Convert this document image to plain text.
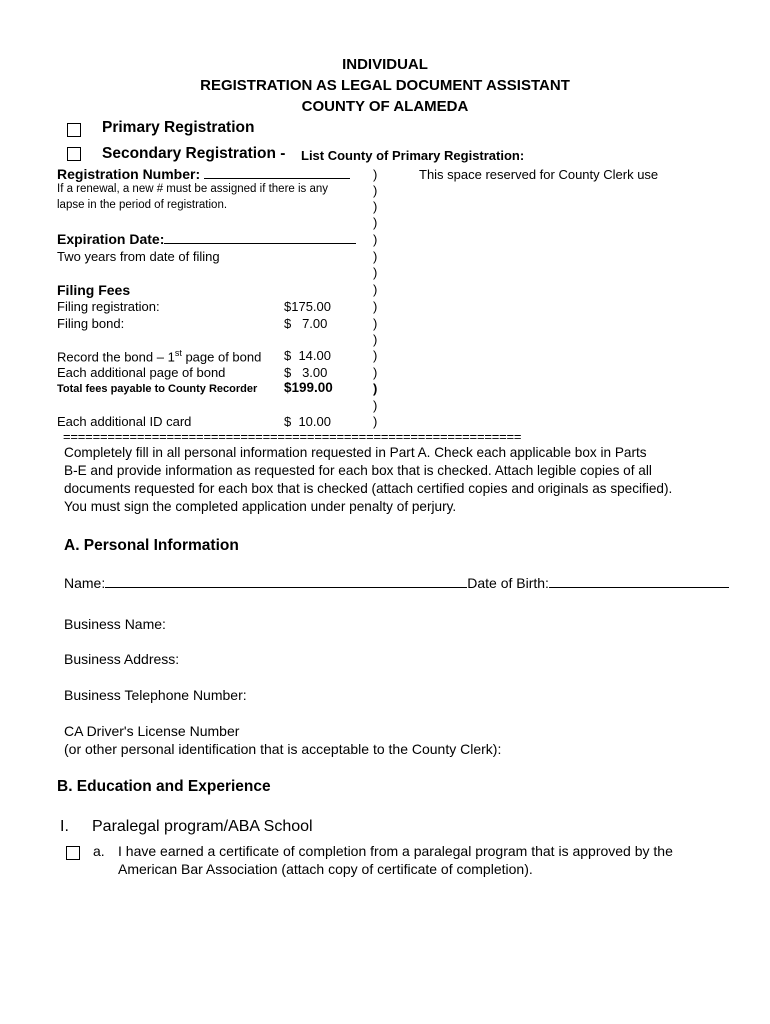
INDIVIDUAL
REGISTRATION AS LEGAL DOCUMENT ASSISTANT
COUNTY OF ALAMEDA
Primary Registration
Secondary Registration - List County of Primary Registration:
Registration Number:
If a renewal, a new # must be assigned if there is any
lapse in the period of registration.
This space reserved for County Clerk use
Expiration Date:
Two years from date of filing
Filing Fees
Filing registration:	$175.00
Filing bond:	$   7.00
Record the bond – 1st page of bond $  14.00
Each additional page of bond	$   3.00
Total fees payable to County Recorder $199.00
Each additional ID card	$  10.00
)
)
)
)
)
)
)
)
)
)
)
)
)
)
)
)
==============================================================
Completely fill in all personal information requested in Part A. Check each applicable box in Parts
B-E and provide information as requested for each box that is checked. Attach legible copies of all
documents requested for each box that is checked (attach certified copies and originals as specified).
You must sign the completed application under penalty of perjury.
A. Personal Information
Name:	Date of Birth:
Business Name:
Business Address:
Business Telephone Number:
CA Driver's License Number
(or other personal identification that is acceptable to the County Clerk):
B. Education and Experience
I. Paralegal program/ABA School
a. I have earned a certificate of completion from a paralegal program that is approved by the
American Bar Association (attach copy of certificate of completion).
